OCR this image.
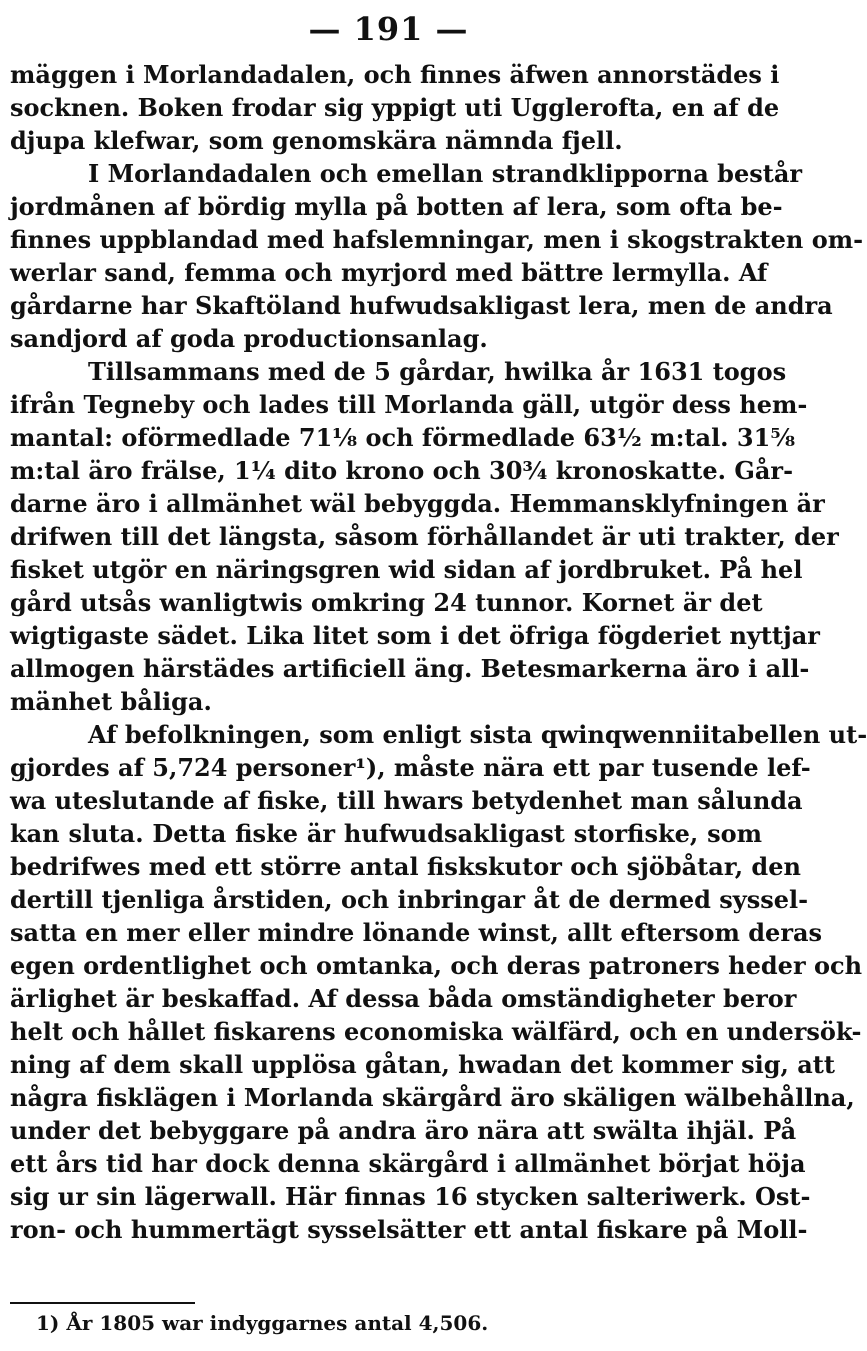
— 191 —
mäggen i Morlandadalen, och finnes äfwen annorstädes i
socknen. Boken frodar sig yppigt uti Ugglerofta, en af de
djupa klefwar, som genomskära nämnda fjell.
I Morlandadalen och emellan strandklipporna består
jordmånen af bördig mylla på botten af lera, som ofta be-
finnes uppblandad med hafslemningar, men i skogstrakten om-
werlar sand, femma och myrjord med bättre lermylla. Af
gårdarne har Skaftöland hufwudsakligast lera, men de andra
sandjord af goda productionsanlag.
Tillsammans med de 5 gårdar, hwilka år 1631 togos
ifrån Tegneby och lades till Morlanda gäll, utgör dess hem-
mantal: oförmedlade 71⅛ och förmedlade 63½ m:tal. 31⅝
m:tal äro frälse, 1¼ dito krono och 30¾ kronoskatte. Går-
darne äro i allmänhet wäl bebyggda. Hemmansklyfningen är
drifwen till det längsta, såsom förhållandet är uti trakter, der
fisket utgör en näringsgren wid sidan af jordbruket. På hel
gård utsås wanligtwis omkring 24 tunnor. Kornet är det
wigtigaste sädet. Lika litet som i det öfriga fögderiet nyttjar
allmogen härstädes artificiell äng. Betesmarkerna äro i all-
mänhet båliga.
Af befolkningen, som enligt sista qwinqwenniitabellen ut-
gjordes af 5,724 personer¹), måste nära ett par tusende lef-
wa uteslutande af fiske, till hwars betydenhet man sålunda
kan sluta. Detta fiske är hufwudsakligast storfiske, som
bedrifwes med ett större antal fiskskutor och sjöbåtar, den
dertill tjenliga årstiden, och inbringar åt de dermed syssel-
satta en mer eller mindre lönande winst, allt eftersom deras
egen ordentlighet och omtanka, och deras patroners heder och
ärlighet är beskaffad. Af dessa båda omständigheter beror
helt och hållet fiskarens economiska wälfärd, och en undersök-
ning af dem skall upplösa gåtan, hwadan det kommer sig, att
några fisklägen i Morlanda skärgård äro skäligen wälbehållna,
under det bebyggare på andra äro nära att swälta ihjäl. På
ett års tid har dock denna skärgård i allmänhet börjat höja
sig ur sin lägerwall. Här finnas 16 stycken salteriwerk. Ost-
ron- och hummertägt sysselsätter ett antal fiskare på Moll-
1) År 1805 war indyggarnes antal 4,506.
